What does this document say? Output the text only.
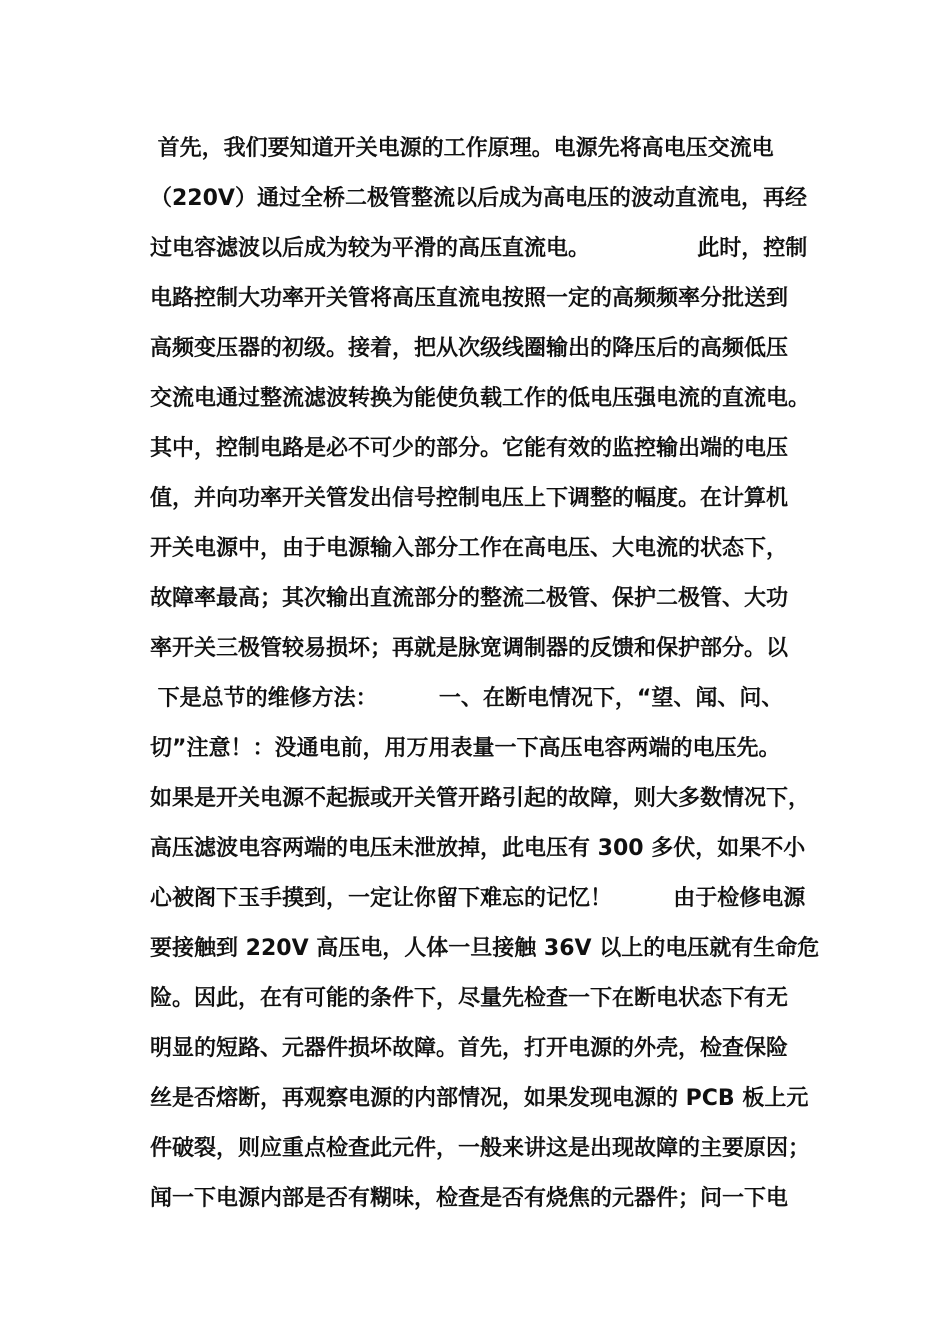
首先，我们要知道开关电源的工作原理。电源先将高电压交流电
（220V）通过全桥二极管整流以后成为高电压的波动直流电，再经
过电容滤波以后成为较为平滑的高压直流电。              此时，控制
电路控制大功率开关管将高压直流电按照一定的高频频率分批送到
高频变压器的初级。接着，把从次级线圈输出的降压后的高频低压
交流电通过整流滤波转换为能使负载工作的低电压强电流的直流电。
其中，控制电路是必不可少的部分。它能有效的监控输出端的电压
值，并向功率开关管发出信号控制电压上下调整的幅度。在计算机
开关电源中，由于电源输入部分工作在高电压、大电流的状态下，
故障率最高；其次输出直流部分的整流二极管、保护二极管、大功
率开关三极管较易损坏；再就是脉宽调制器的反馈和保护部分。以
下是总节的维修方法：        一、在断电情况下，“望、闻、问、
切”注意！：没通电前，用万用表量一下高压电容两端的电压先。
如果是开关电源不起振或开关管开路引起的故障，则大多数情况下，
高压滤波电容两端的电压未泄放掉，此电压有 300 多伏，如果不小
心被阁下玉手摸到，一定让你留下难忘的记忆！        由于检修电源
要接触到 220V 高压电，人体一旦接触 36V 以上的电压就有生命危
险。因此，在有可能的条件下，尽量先检查一下在断电状态下有无
明显的短路、元器件损坏故障。首先，打开电源的外壳，检查保险
丝是否熔断，再观察电源的内部情况，如果发现电源的 PCB 板上元
件破裂，则应重点检查此元件，一般来讲这是出现故障的主要原因；
闻一下电源内部是否有糊味，检查是否有烧焦的元器件；问一下电
